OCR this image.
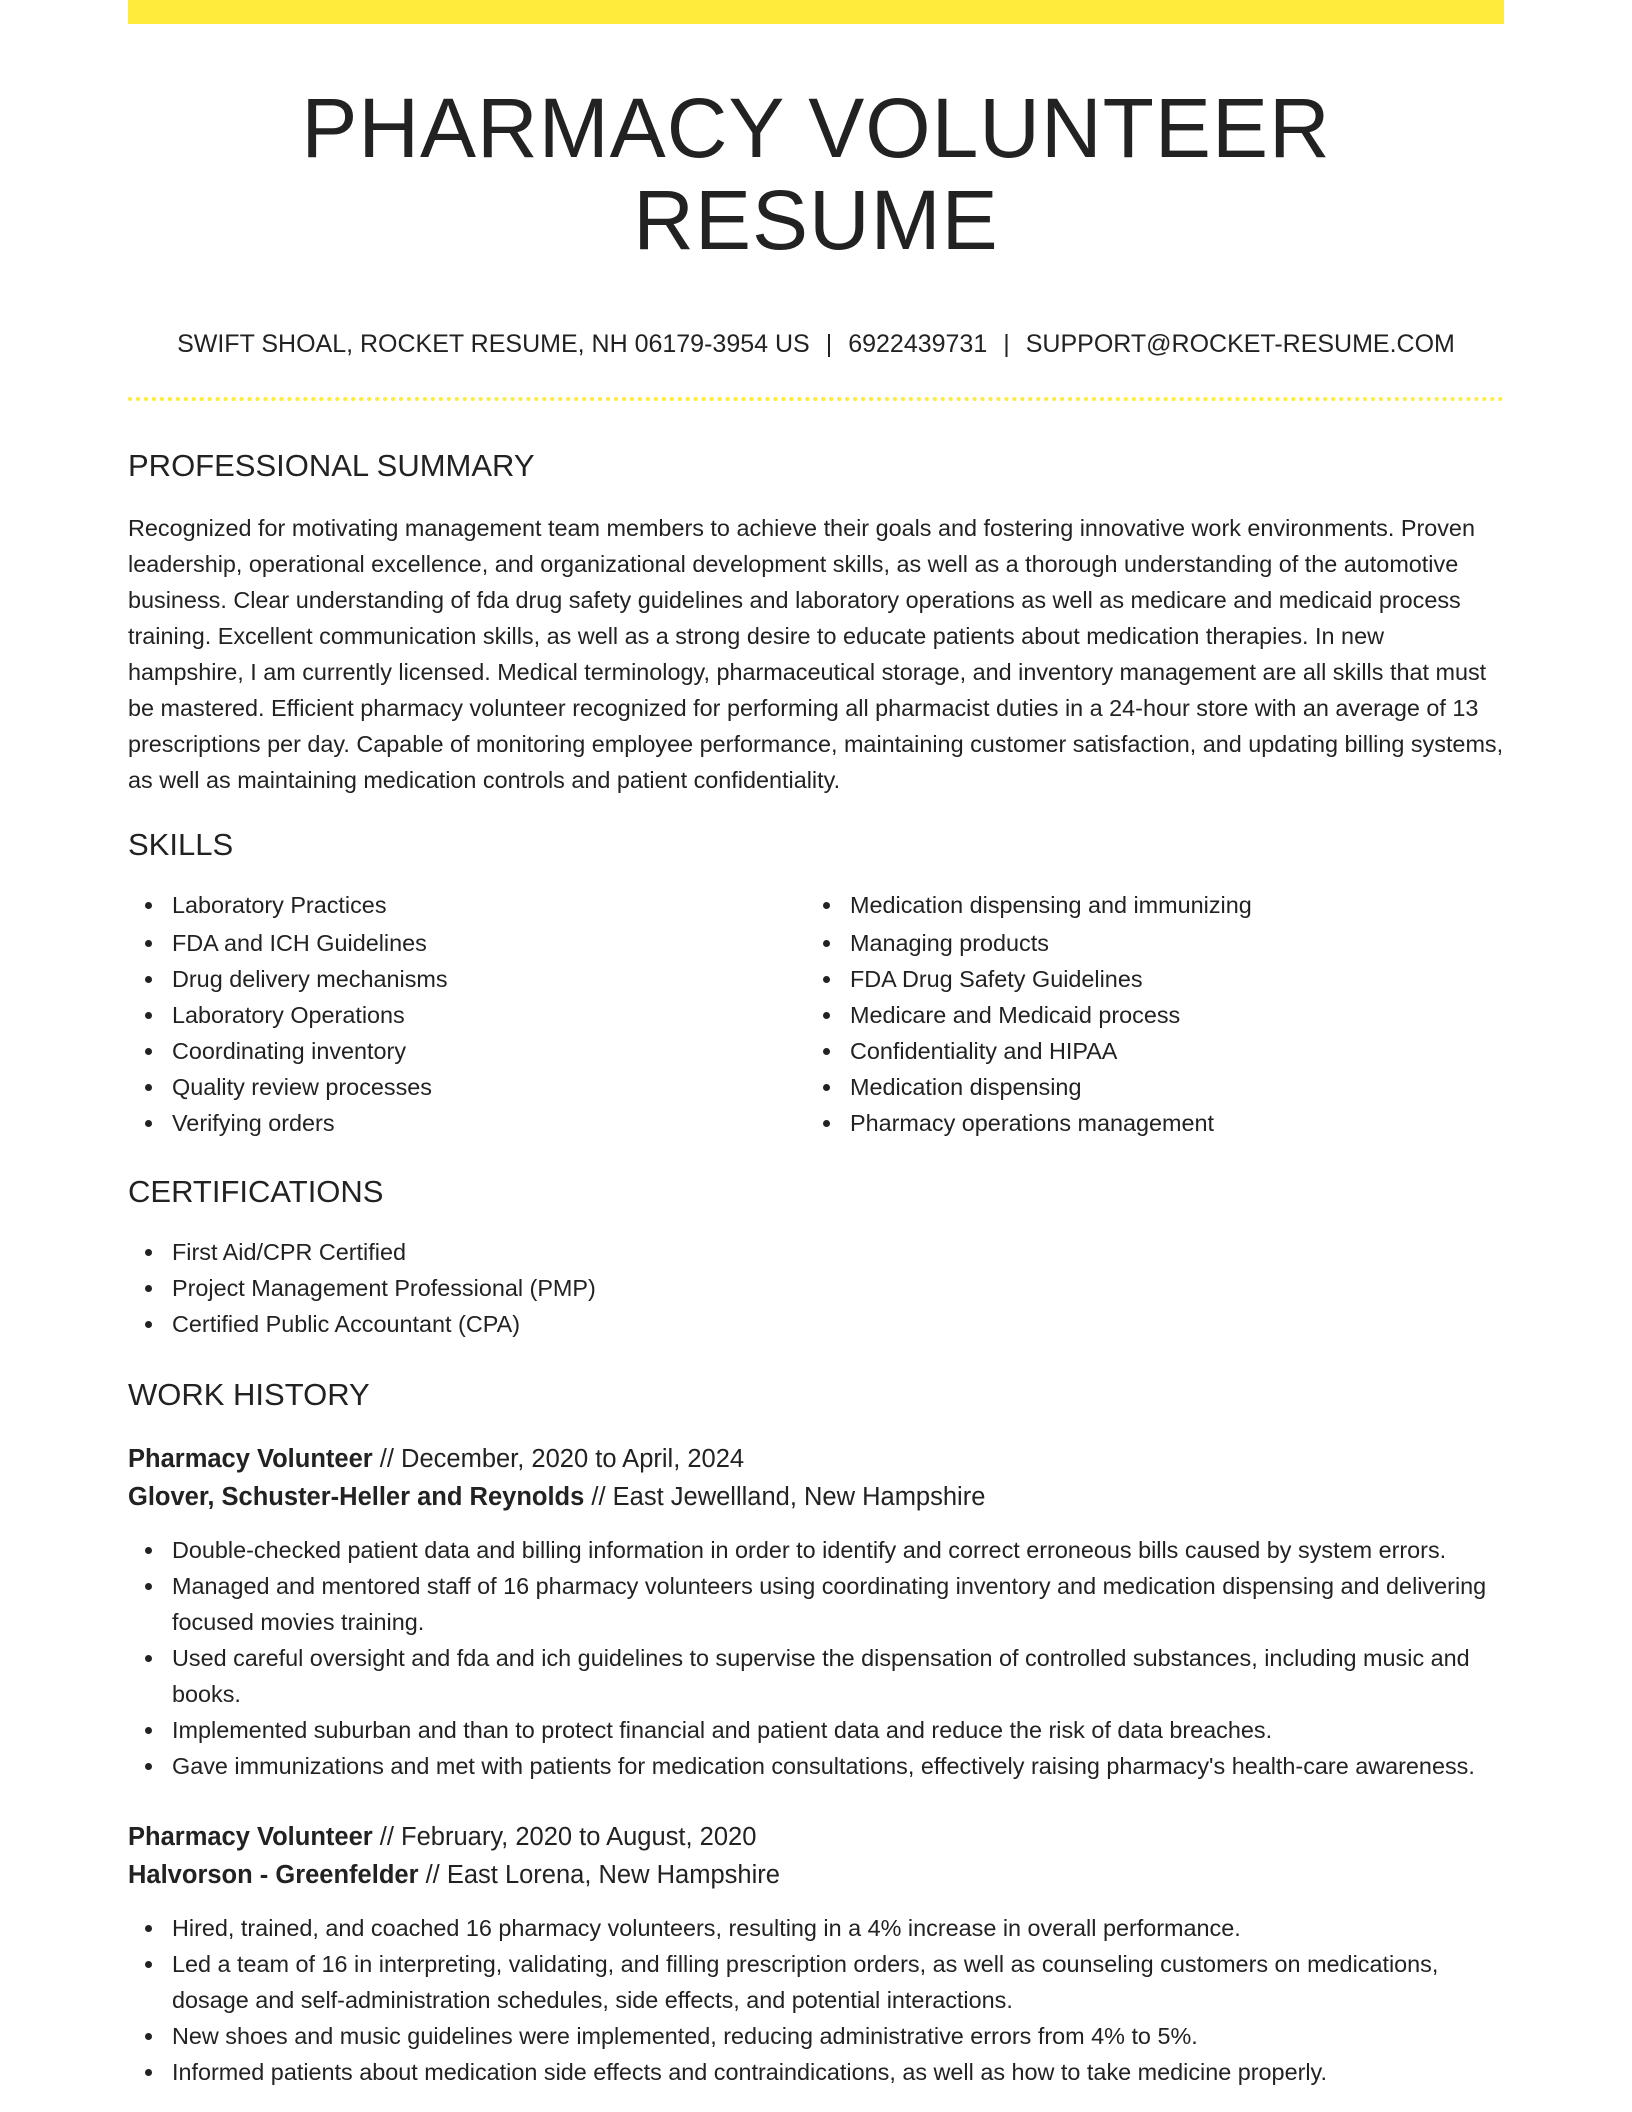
PHARMACY VOLUNTEER RESUME
SWIFT SHOAL, ROCKET RESUME, NH 06179-3954 US | 6922439731 | SUPPORT@ROCKET-RESUME.COM
PROFESSIONAL SUMMARY

Recognized for motivating management team members to achieve their goals and fostering innovative work environments. Proven leadership, operational excellence, and organizational development skills, as well as a thorough understanding of the automotive business. Clear understanding of fda drug safety guidelines and laboratory operations as well as medicare and medicaid process training. Excellent communication skills, as well as a strong desire to educate patients about medication therapies. In new hampshire, I am currently licensed. Medical terminology, pharmaceutical storage, and inventory management are all skills that must be mastered. Efficient pharmacy volunteer recognized for performing all pharmacist duties in a 24-hour store with an average of 13 prescriptions per day. Capable of monitoring employee performance, maintaining customer satisfaction, and updating billing systems, as well as maintaining medication controls and patient confidentiality.

SKILLS
Laboratory Practices
FDA and ICH Guidelines
Drug delivery mechanisms
Laboratory Operations
Coordinating inventory
Quality review processes
Verifying orders
Medication dispensing and immunizing
Managing products
FDA Drug Safety Guidelines
Medicare and Medicaid process
Confidentiality and HIPAA
Medication dispensing
Pharmacy operations management
CERTIFICATIONS
First Aid/CPR Certified
Project Management Professional (PMP)
Certified Public Accountant (CPA)
WORK HISTORY
Pharmacy Volunteer // December, 2020 to April, 2024
Glover, Schuster-Heller and Reynolds // East Jewellland, New Hampshire
Double-checked patient data and billing information in order to identify and correct erroneous bills caused by system errors.
Managed and mentored staff of 16 pharmacy volunteers using coordinating inventory and medication dispensing and delivering focused movies training.
Used careful oversight and fda and ich guidelines to supervise the dispensation of controlled substances, including music and books.
Implemented suburban and than to protect financial and patient data and reduce the risk of data breaches.
Gave immunizations and met with patients for medication consultations, effectively raising pharmacy's health-care awareness.
Pharmacy Volunteer // February, 2020 to August, 2020
Halvorson - Greenfelder // East Lorena, New Hampshire
Hired, trained, and coached 16 pharmacy volunteers, resulting in a 4% increase in overall performance.
Led a team of 16 in interpreting, validating, and filling prescription orders, as well as counseling customers on medications, dosage and self-administration schedules, side effects, and potential interactions.
New shoes and music guidelines were implemented, reducing administrative errors from 4% to 5%.
Informed patients about medication side effects and contraindications, as well as how to take medicine properly.
